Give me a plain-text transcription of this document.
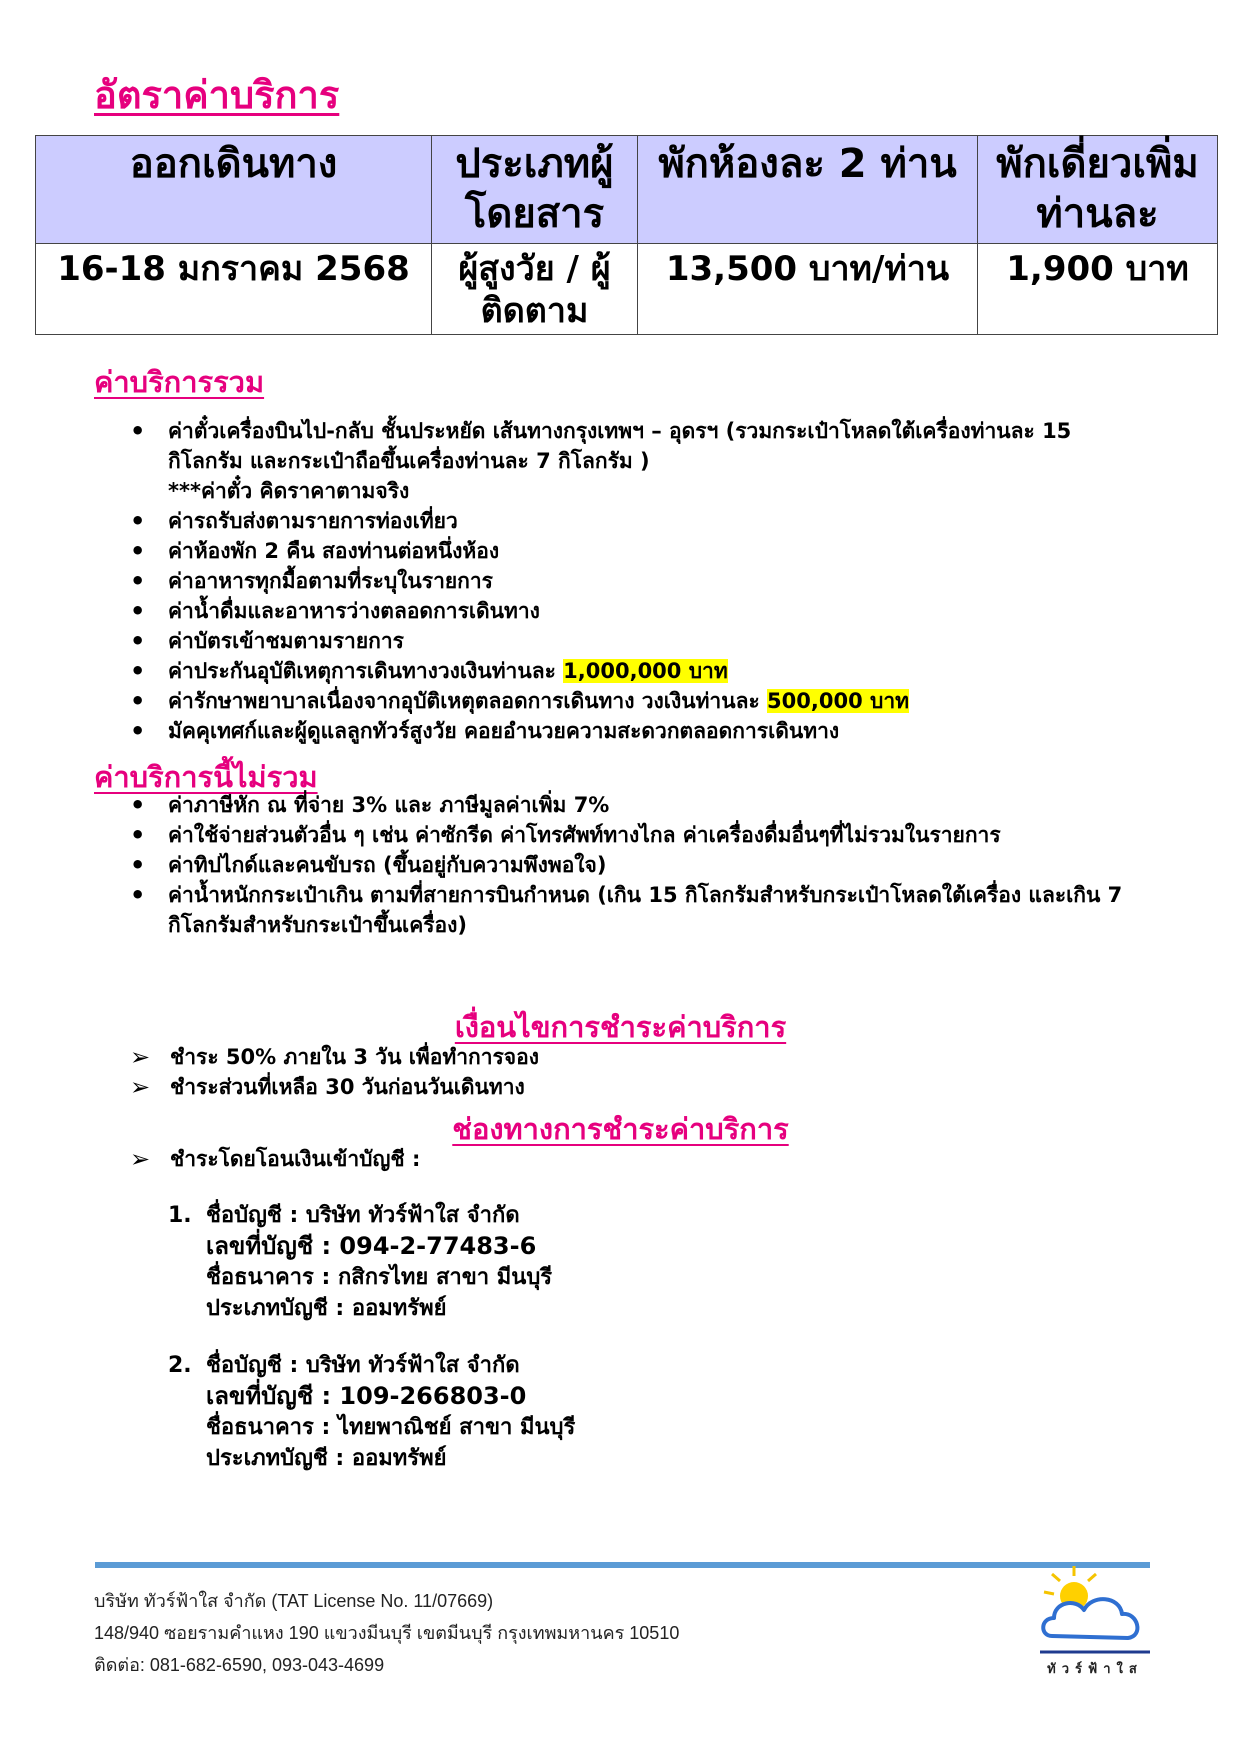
อัตราค่าบริการ
ออกเดินทาง	ประเภทผู้โดยสาร	พักห้องละ 2 ท่าน	พักเดี่ยวเพิ่มท่านละ
16-18 มกราคม 2568	ผู้สูงวัย / ผู้ติดตาม	13,500 บาท/ท่าน	1,900 บาท
ค่าบริการรวม
• ค่าตั๋วเครื่องบินไป-กลับ ชั้นประหยัด เส้นทางกรุงเทพฯ – อุดรฯ (รวมกระเป๋าโหลดใต้เครื่องท่านละ 15 กิโลกรัม และกระเป๋าถือขึ้นเครื่องท่านละ 7 กิโลกรัม )
***ค่าตั๋ว คิดราคาตามจริง
• ค่ารถรับส่งตามรายการท่องเที่ยว
• ค่าห้องพัก 2 คืน สองท่านต่อหนึ่งห้อง
• ค่าอาหารทุกมื้อตามที่ระบุในรายการ
• ค่าน้ำดื่มและอาหารว่างตลอดการเดินทาง
• ค่าบัตรเข้าชมตามรายการ
• ค่าประกันอุบัติเหตุการเดินทางวงเงินท่านละ 1,000,000 บาท
• ค่ารักษาพยาบาลเนื่องจากอุบัติเหตุตลอดการเดินทาง วงเงินท่านละ 500,000 บาท
• มัคคุเทศก์และผู้ดูแลลูกทัวร์สูงวัย คอยอำนวยความสะดวกตลอดการเดินทาง
ค่าบริการนี้ไม่รวม
• ค่าภาษีหัก ณ ที่จ่าย 3% และ ภาษีมูลค่าเพิ่ม 7%
• ค่าใช้จ่ายส่วนตัวอื่น ๆ เช่น ค่าซักรีด ค่าโทรศัพท์ทางไกล ค่าเครื่องดื่มอื่นๆที่ไม่รวมในรายการ
• ค่าทิปไกด์และคนขับรถ (ขึ้นอยู่กับความพึงพอใจ)
• ค่าน้ำหนักกระเป๋าเกิน ตามที่สายการบินกำหนด (เกิน 15 กิโลกรัมสำหรับกระเป๋าโหลดใต้เครื่อง และเกิน 7 กิโลกรัมสำหรับกระเป๋าขึ้นเครื่อง)
เงื่อนไขการชำระค่าบริการ
➢ ชำระ 50% ภายใน 3 วัน เพื่อทำการจอง
➢ ชำระส่วนที่เหลือ 30 วันก่อนวันเดินทาง
ช่องทางการชำระค่าบริการ
➢ ชำระโดยโอนเงินเข้าบัญชี :
1. ชื่อบัญชี : บริษัท ทัวร์ฟ้าใส จำกัด
เลขที่บัญชี : 094-2-77483-6
ชื่อธนาคาร : กสิกรไทย สาขา มีนบุรี
ประเภทบัญชี : ออมทรัพย์
2. ชื่อบัญชี : บริษัท ทัวร์ฟ้าใส จำกัด
เลขที่บัญชี : 109-266803-0
ชื่อธนาคาร : ไทยพาณิชย์ สาขา มีนบุรี
ประเภทบัญชี : ออมทรัพย์
บริษัท ทัวร์ฟ้าใส จำกัด (TAT License No. 11/07669)
148/940 ซอยรามคำแหง 190 แขวงมีนบุรี เขตมีนบุรี กรุงเทพมหานคร 10510
ติดต่อ: 081-682-6590, 093-043-4699	ทัวร์ฟ้าใส
